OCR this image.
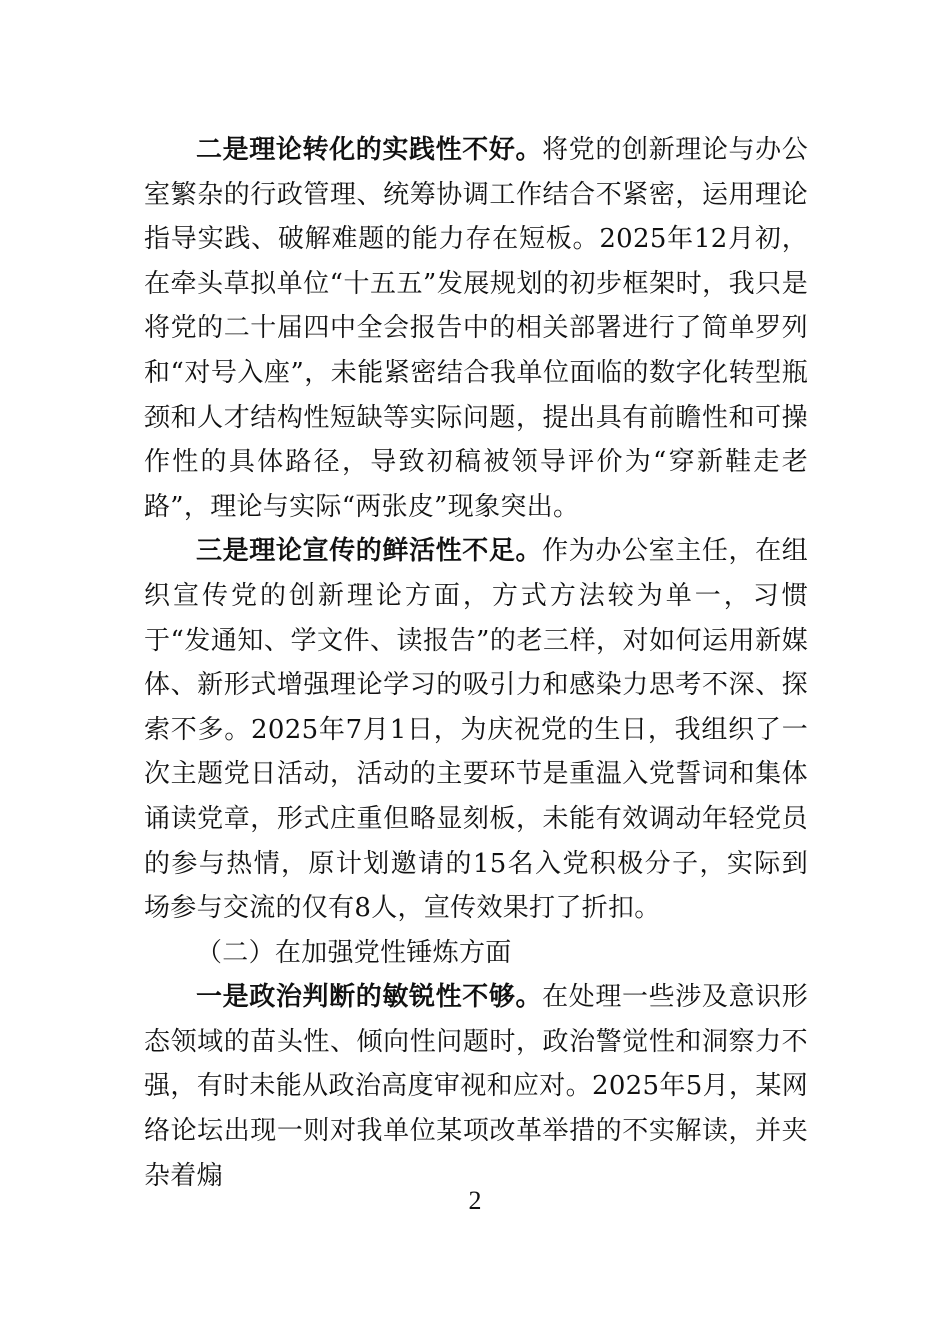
二是理论转化的实践性不好。将党的创新理论与办公室繁杂的行政管理、统筹协调工作结合不紧密，运用理论指导实践、破解难题的能力存在短板。2025年12月初，在牵头草拟单位“十五五”发展规划的初步框架时，我只是将党的二十届四中全会报告中的相关部署进行了简单罗列和“对号入座”，未能紧密结合我单位面临的数字化转型瓶颈和人才结构性短缺等实际问题，提出具有前瞻性和可操作性的具体路径，导致初稿被领导评价为“穿新鞋走老路”，理论与实际“两张皮”现象突出。

三是理论宣传的鲜活性不足。作为办公室主任，在组织宣传党的创新理论方面，方式方法较为单一，习惯于“发通知、学文件、读报告”的老三样，对如何运用新媒体、新形式增强理论学习的吸引力和感染力思考不深、探索不多。2025年7月1日，为庆祝党的生日，我组织了一次主题党日活动，活动的主要环节是重温入党誓词和集体诵读党章，形式庄重但略显刻板，未能有效调动年轻党员的参与热情，原计划邀请的15名入党积极分子，实际到场参与交流的仅有8人，宣传效果打了折扣。

（二）在加强党性锤炼方面

一是政治判断的敏锐性不够。在处理一些涉及意识形态领域的苗头性、倾向性问题时，政治警觉性和洞察力不强，有时未能从政治高度审视和应对。2025年5月，某网络论坛出现一则对我单位某项改革举措的不实解读，并夹杂着煽

2
